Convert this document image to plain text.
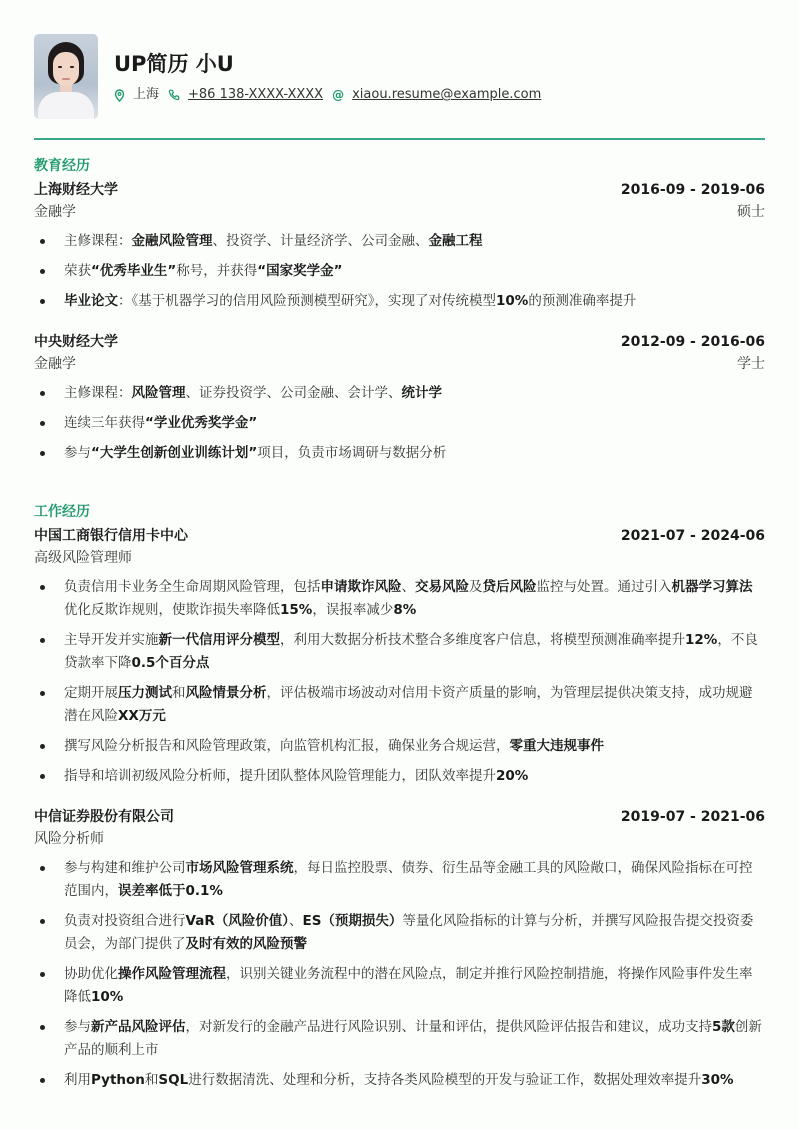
UP简历 小U
上海 +86 138-XXXX-XXXX @ xiaou.resume@example.com
教育经历
上海财经大学	2016-09 - 2019-06
金融学	硕士
主修课程：金融风险管理、投资学、计量经济学、公司金融、金融工程
荣获“优秀毕业生”称号，并获得“国家奖学金”
毕业论文：《基于机器学习的信用风险预测模型研究》，实现了对传统模型10%的预测准确率提升
中央财经大学	2012-09 - 2016-06
金融学	学士
主修课程：风险管理、证券投资学、公司金融、会计学、统计学
连续三年获得“学业优秀奖学金”
参与“大学生创新创业训练计划”项目，负责市场调研与数据分析
工作经历
中国工商银行信用卡中心	2021-07 - 2024-06
高级风险管理师
负责信用卡业务全生命周期风险管理，包括申请欺诈风险、交易风险及贷后风险监控与处置。通过引入机器学习算法优化反欺诈规则，使欺诈损失率降低15%，误报率减少8%
主导开发并实施新一代信用评分模型，利用大数据分析技术整合多维度客户信息，将模型预测准确率提升12%，不良贷款率下降0.5个百分点
定期开展压力测试和风险情景分析，评估极端市场波动对信用卡资产质量的影响，为管理层提供决策支持，成功规避潜在风险XX万元
撰写风险分析报告和风险管理政策，向监管机构汇报，确保业务合规运营，零重大违规事件
指导和培训初级风险分析师，提升团队整体风险管理能力，团队效率提升20%
中信证券股份有限公司	2019-07 - 2021-06
风险分析师
参与构建和维护公司市场风险管理系统，每日监控股票、债券、衍生品等金融工具的风险敞口，确保风险指标在可控范围内，误差率低于0.1%
负责对投资组合进行VaR（风险价值）、ES（预期损失）等量化风险指标的计算与分析，并撰写风险报告提交投资委员会，为部门提供了及时有效的风险预警
协助优化操作风险管理流程，识别关键业务流程中的潜在风险点，制定并推行风险控制措施，将操作风险事件发生率降低10%
参与新产品风险评估，对新发行的金融产品进行风险识别、计量和评估，提供风险评估报告和建议，成功支持5款创新产品的顺利上市
利用Python和SQL进行数据清洗、处理和分析，支持各类风险模型的开发与验证工作，数据处理效率提升30%
